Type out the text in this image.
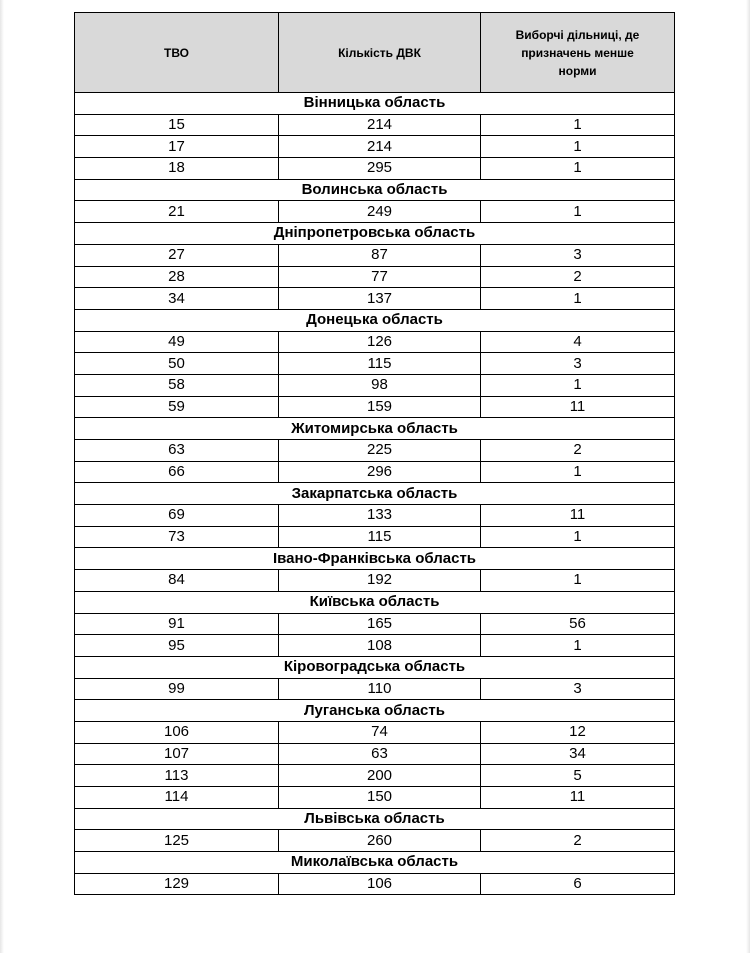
ТВО	Кількість ДВК	Виборчі дільниці, де призначень менше норми
Вінницька область		
15	214	1
17	214	1
18	295	1
Волинська область		
21	249	1
Дніпропетровська область		
27	87	3
28	77	2
34	137	1
Донецька область		
49	126	4
50	115	3
58	98	1
59	159	11
Житомирська область		
63	225	2
66	296	1
Закарпатська область		
69	133	11
73	115	1
Івано-Франківська область		
84	192	1
Київська область		
91	165	56
95	108	1
Кіровоградська область		
99	110	3
Луганська область		
106	74	12
107	63	34
113	200	5
114	150	11
Львівська область		
125	260	2
Миколаївська область		
129	106	6
